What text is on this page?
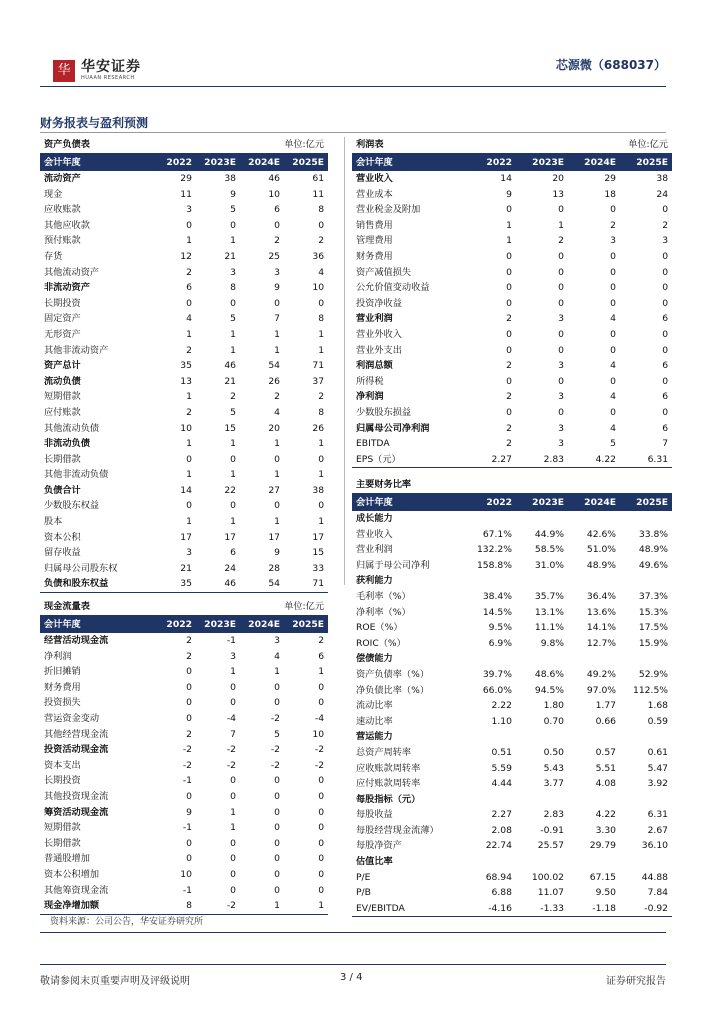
华 华安证券
HUAAN RESEARCH
芯源微（688037）
财务报表与盈利预测
资产负债表			单位:亿元	
会计年度	2022	2023E	2024E	2025E
流动资产	29	38	46	61
现金	11	9	10	11
应收账款	3	5	6	8
其他应收款	0	0	0	0
预付账款	1	1	2	2
存货	12	21	25	36
其他流动资产	2	3	3	4
非流动资产	6	8	9	10
长期投资	0	0	0	0
固定资产	4	5	7	8
无形资产	1	1	1	1
其他非流动资产	2	1	1	1
资产总计	35	46	54	71
流动负债	13	21	26	37
短期借款	1	2	2	2
应付账款	2	5	4	8
其他流动负债	10	15	20	26
非流动负债	1	1	1	1
长期借款	0	0	0	0
其他非流动负债	1	1	1	1
负债合计	14	22	27	38
少数股东权益	0	0	0	0
股本	1	1	1	1
资本公积	17	17	17	17
留存收益	3	6	9	15
归属母公司股东权	21	24	28	33
负债和股东权益	35	46	54	71
利润表			单位:亿元	
会计年度	2022	2023E	2024E	2025E
营业收入	14	20	29	38
营业成本	9	13	18	24
营业税金及附加	0	0	0	0
销售费用	1	1	2	2
管理费用	1	2	3	3
财务费用	0	0	0	0
资产减值损失	0	0	0	0
公允价值变动收益	0	0	0	0
投资净收益	0	0	0	0
营业利润	2	3	4	6
营业外收入	0	0	0	0
营业外支出	0	0	0	0
利润总额	2	3	4	6
所得税	0	0	0	0
净利润	2	3	4	6
少数股东损益	0	0	0	0
归属母公司净利润	2	3	4	6
EBITDA	2	3	5	7
EPS（元）	2.27	2.83	4.22	6.31
现金流量表			单位:亿元	
会计年度	2022	2023E	2024E	2025E
经营活动现金流	2	-1	3	2
净利润	2	3	4	6
折旧摊销	0	1	1	1
财务费用	0	0	0	0
投资损失	0	0	0	0
营运资金变动	0	-4	-2	-4
其他经营现金流	2	7	5	10
投资活动现金流	-2	-2	-2	-2
资本支出	-2	-2	-2	-2
长期投资	-1	0	0	0
其他投资现金流	0	0	0	0
筹资活动现金流	9	1	0	0
短期借款	-1	1	0	0
长期借款	0	0	0	0
普通股增加	0	0	0	0
资本公积增加	10	0	0	0
其他筹资现金流	-1	0	0	0
现金净增加额	8	-2	1	1
主要财务比率				
会计年度	2022	2023E	2024E	2025E
成长能力				
营业收入	67.1%	44.9%	42.6%	33.8%
营业利润	132.2%	58.5%	51.0%	48.9%
归属于母公司净利	158.8%	31.0%	48.9%	49.6%
获利能力				
毛利率（%）	38.4%	35.7%	36.4%	37.3%
净利率（%）	14.5%	13.1%	13.6%	15.3%
ROE（%）	9.5%	11.1%	14.1%	17.5%
ROIC（%）	6.9%	9.8%	12.7%	15.9%
偿债能力				
资产负债率（%）	39.7%	48.6%	49.2%	52.9%
净负债比率（%）	66.0%	94.5%	97.0%	112.5%
流动比率	2.22	1.80	1.77	1.68
速动比率	1.10	0.70	0.66	0.59
营运能力				
总资产周转率	0.51	0.50	0.57	0.61
应收账款周转率	5.59	5.43	5.51	5.47
应付账款周转率	4.44	3.77	4.08	3.92
每股指标（元）				
每股收益	2.27	2.83	4.22	6.31
每股经营现金流薄）	2.08	-0.91	3.30	2.67
每股净资产	22.74	25.57	29.79	36.10
估值比率				
P/E	68.94	100.02	67.15	44.88
P/B	6.88	11.07	9.50	7.84
EV/EBITDA	-4.16	-1.33	-1.18	-0.92
资料来源：公司公告，华安证券研究所
敬请参阅末页重要声明及评级说明	3 / 4	证券研究报告
